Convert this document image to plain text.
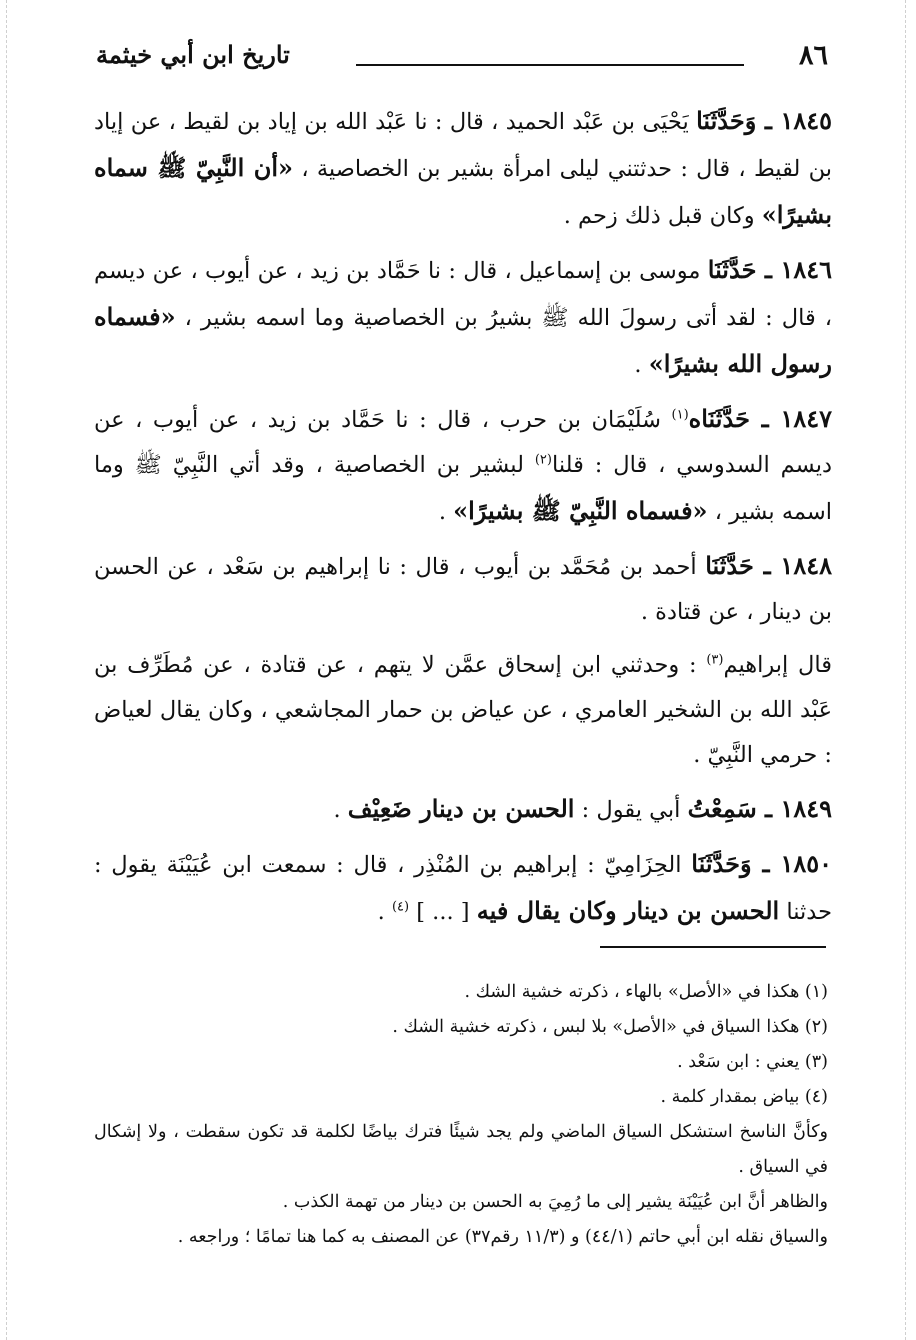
٨٦
تاريخ ابن أبي خيثمة

١٨٤٥ ـ وَحَدَّثَنَا يَحْيَى بن عَبْد الحميد ، قال : نا عَبْد الله بن إياد بن لقيط ، عن إياد بن لقيط ، قال : حدثتني ليلى امرأة بشير بن الخصاصية ، «أن النَّبِيّ ﷺ سماه بشيرًا» وكان قبل ذلك زحم .

١٨٤٦ ـ حَدَّثَنَا موسى بن إسماعيل ، قال : نا حَمَّاد بن زيد ، عن أيوب ، عن ديسم ، قال : لقد أتى رسولَ الله ﷺ بشيرُ بن الخصاصية وما اسمه بشير ، «فسماه رسول الله بشيرًا» .

١٨٤٧ ـ حَدَّثَنَاه$^{(١)}$ سُلَيْمَان بن حرب ، قال : نا حَمَّاد بن زيد ، عن أيوب ، عن ديسم السدوسي ، قال : قلنا$^{(٢)}$ لبشير بن الخصاصية ، وقد أتي النَّبِيّ ﷺ وما اسمه بشير ، «فسماه النَّبِيّ ﷺ بشيرًا» .

١٨٤٨ ـ حَدَّثَنَا أحمد بن مُحَمَّد بن أيوب ، قال : نا إبراهيم بن سَعْد ، عن الحسن بن دينار ، عن قتادة .

قال إبراهيم$^{(٣)}$ : وحدثني ابن إسحاق عمَّن لا يتهم ، عن قتادة ، عن مُطَرِّف بن عَبْد الله بن الشخير العامري ، عن عياض بن حمار المجاشعي ، وكان يقال لعياض : حرمي النَّبِيّ .

١٨٤٩ ـ سَمِعْتُ أبي يقول : الحسن بن دينار ضَعِيْف .

١٨٥٠ ـ وَحَدَّثَنَا الحِزَامِيّ : إبراهيم بن المُنْذِر ، قال : سمعت ابن عُيَيْنَة يقول : حدثنا الحسن بن دينار وكان يقال فيه [ ... ] $^{(٤)}$ .

(١) هكذا في «الأصل» بالهاء ، ذكرته خشية الشك .

(٢) هكذا السياق في «الأصل» بلا لبس ، ذكرته خشية الشك .

(٣) يعني : ابن سَعْد .

(٤) بياض بمقدار كلمة .

وكأنَّ الناسخ استشكل السياق الماضي ولم يجد شيئًا فترك بياضًا لكلمة قد تكون سقطت ، ولا إشكال في السياق .

والظاهر أنَّ ابن عُيَيْنَة يشير إلى ما رُمِيَ به الحسن بن دينار من تهمة الكذب .

والسياق نقله ابن أبي حاتم (٤٤/١) و (١١/٣ رقم٣٧) عن المصنف به كما هنا تمامًا ؛ وراجعه .
